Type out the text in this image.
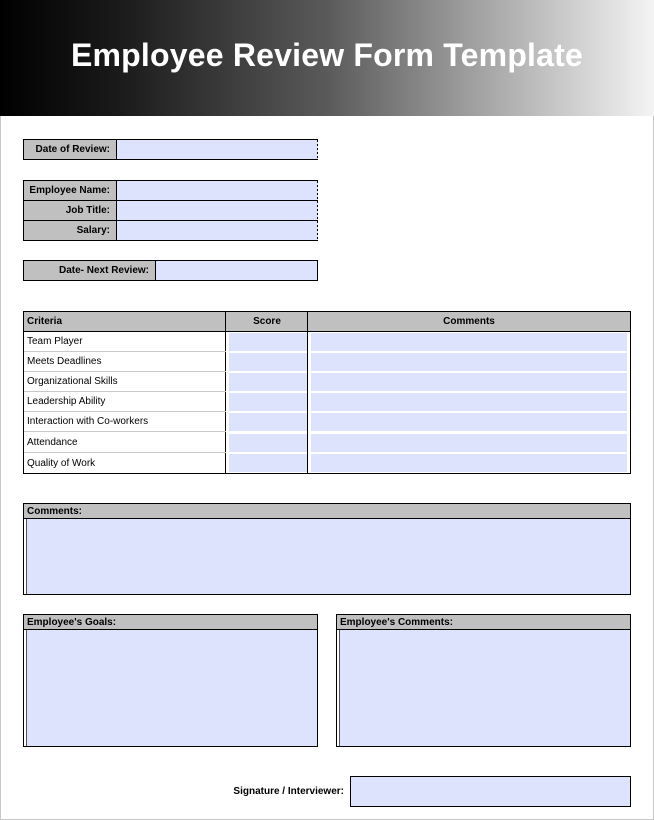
Employee Review Form Template
Date of Review:
Employee Name:
Job Title:
Salary:
Date- Next Review:
Criteria	Score	Comments
Team Player
Meets Deadlines
Organizational Skills
Leadership Ability
Interaction with Co-workers
Attendance
Quality of Work
Comments:
Employee's Goals:	Employee's Comments:
Signature / Interviewer:
